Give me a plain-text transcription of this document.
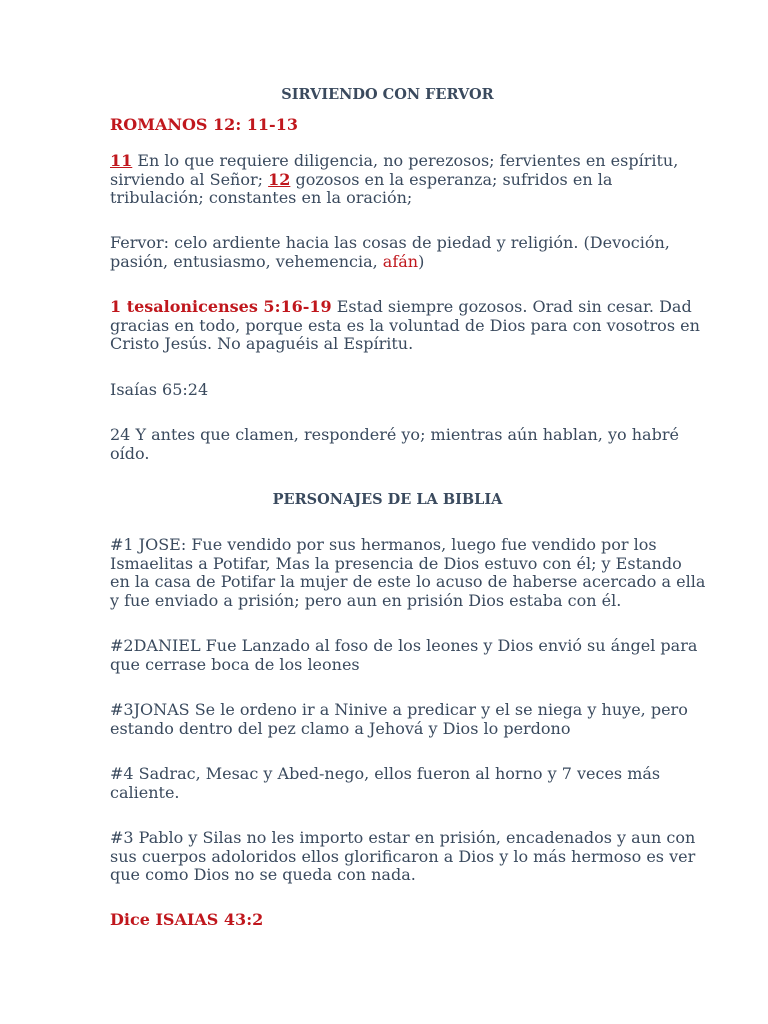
SIRVIENDO CON FERVOR

ROMANOS 12: 11-13

11 En lo que requiere diligencia, no perezosos; fervientes en espíritu,
sirviendo al Señor; 12 gozosos en la esperanza; sufridos en la
tribulación; constantes en la oración;

Fervor: celo ardiente hacia las cosas de piedad y religión. (Devoción,
pasión, entusiasmo, vehemencia, afán)

1 tesalonicenses 5:16-19 Estad siempre gozosos. Orad sin cesar. Dad
gracias en todo, porque esta es la voluntad de Dios para con vosotros en
Cristo Jesús. No apaguéis al Espíritu.

Isaías 65:24

24 Y antes que clamen, responderé yo; mientras aún hablan, yo habré
oído.

PERSONAJES DE LA BIBLIA

#1 JOSE: Fue vendido por sus hermanos, luego fue vendido por los
Ismaelitas a Potifar, Mas la presencia de Dios estuvo con él; y Estando
en la casa de Potifar la mujer de este lo acuso de haberse acercado a ella
y fue enviado a prisión; pero aun en prisión Dios estaba con él.

#2DANIEL Fue Lanzado al foso de los leones y Dios envió su ángel para
que cerrase boca de los leones

#3JONAS Se le ordeno ir a Ninive a predicar y el se niega y huye, pero
estando dentro del pez clamo a Jehová y Dios lo perdono

#4 Sadrac, Mesac y Abed-nego, ellos fueron al horno y 7 veces más
caliente.

#3 Pablo y Silas no les importo estar en prisión, encadenados y aun con
sus cuerpos adoloridos ellos glorificaron a Dios y lo más hermoso es ver
que como Dios no se queda con nada.

Dice ISAIAS 43:2
